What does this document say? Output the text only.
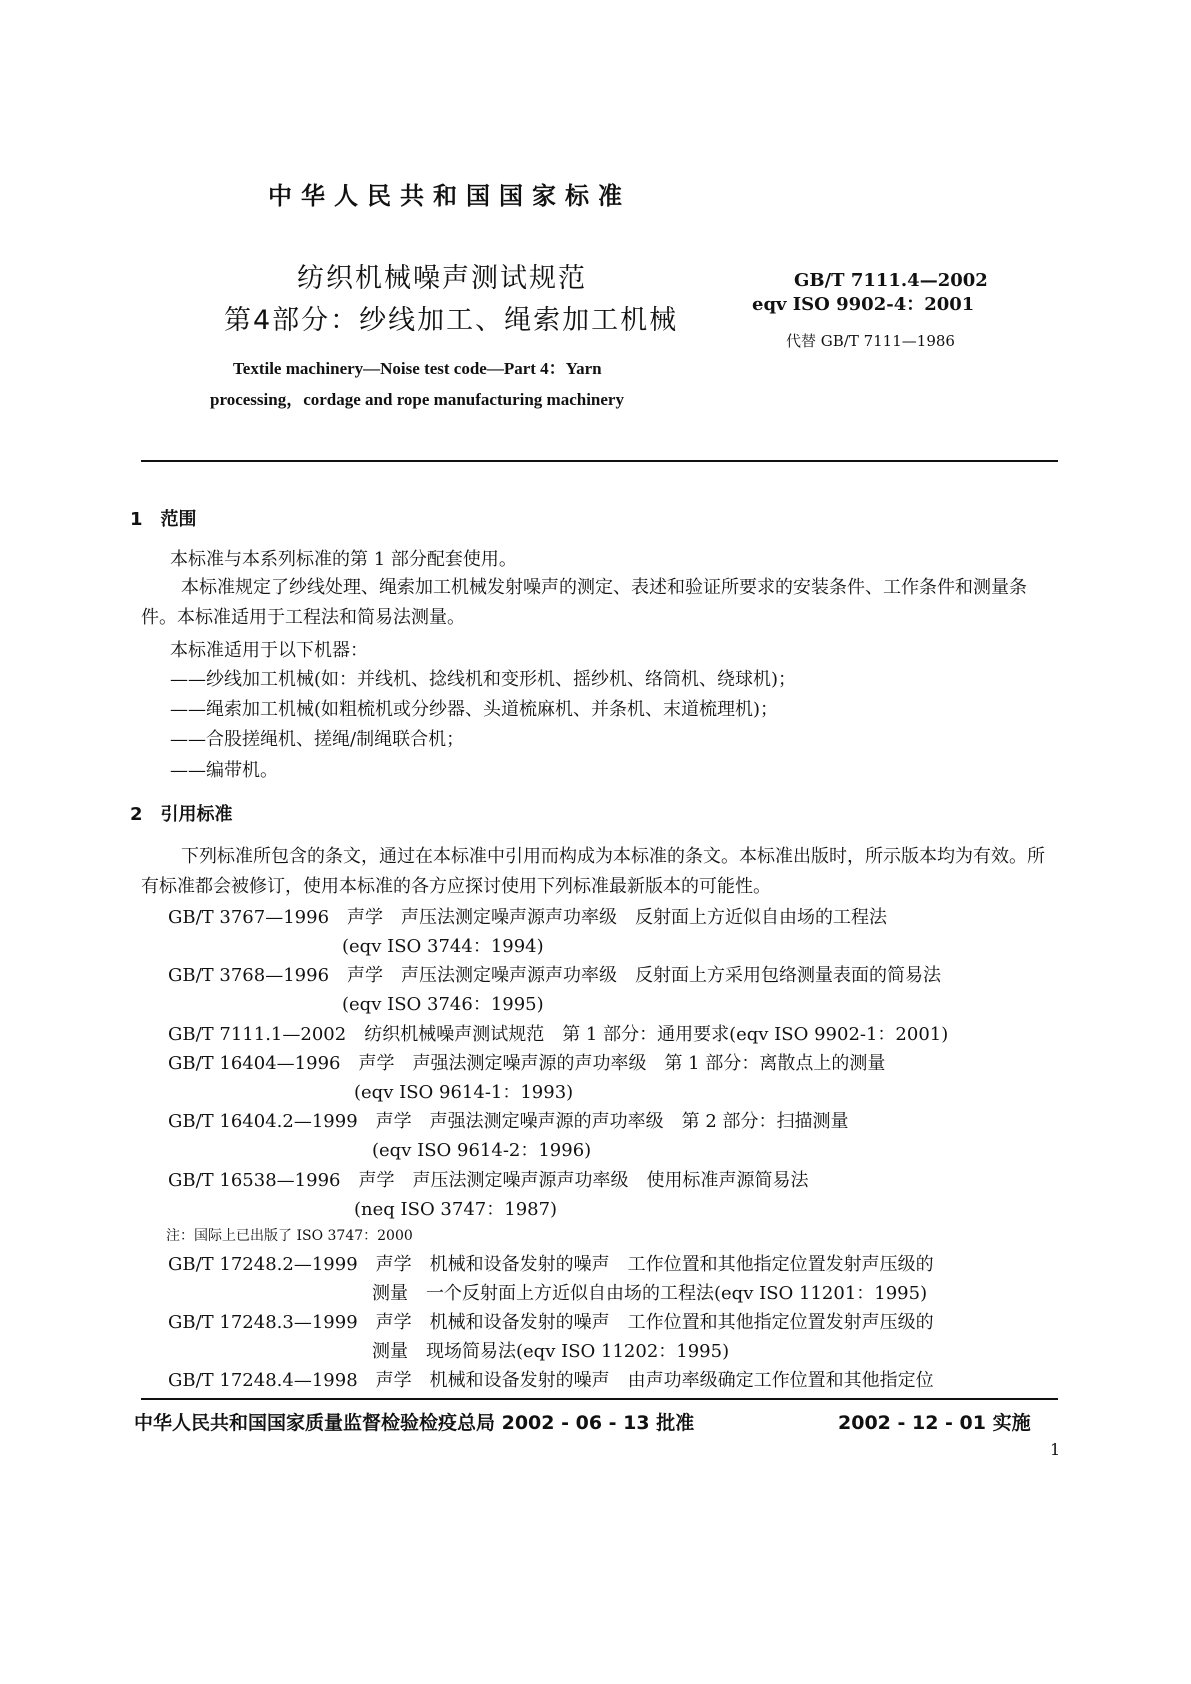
中华人民共和国国家标准
纺织机械噪声测试规范
第4部分：纱线加工、绳索加工机械
Textile machinery—Noise test code—Part 4：Yarn
processing，cordage and rope manufacturing machinery
GB/T 7111.4—2002
eqv ISO 9902-4：2001
代替 GB/T 7111—1986
1　范围
本标准与本系列标准的第 1 部分配套使用。
本标准规定了纱线处理、绳索加工机械发射噪声的测定、表述和验证所要求的安装条件、工作条件和测量条件。本标准适用于工程法和简易法测量。
本标准适用于以下机器：
——纱线加工机械(如：并线机、捻线机和变形机、摇纱机、络筒机、绕球机)；
——绳索加工机械(如粗梳机或分纱器、头道梳麻机、并条机、末道梳理机)；
——合股搓绳机、搓绳/制绳联合机；
——编带机。
2　引用标准
下列标准所包含的条文，通过在本标准中引用而构成为本标准的条文。本标准出版时，所示版本均为有效。所有标准都会被修订，使用本标准的各方应探讨使用下列标准最新版本的可能性。
GB/T 3767—1996　声学　声压法测定噪声源声功率级　反射面上方近似自由场的工程法
(eqv ISO 3744：1994)
GB/T 3768—1996　声学　声压法测定噪声源声功率级　反射面上方采用包络测量表面的简易法
(eqv ISO 3746：1995)
GB/T 7111.1—2002　纺织机械噪声测试规范　第 1 部分：通用要求(eqv ISO 9902-1：2001)
GB/T 16404—1996　声学　声强法测定噪声源的声功率级　第 1 部分：离散点上的测量
(eqv ISO 9614-1：1993)
GB/T 16404.2—1999　声学　声强法测定噪声源的声功率级　第 2 部分：扫描测量
(eqv ISO 9614-2：1996)
GB/T 16538—1996　声学　声压法测定噪声源声功率级　使用标准声源简易法
(neq ISO 3747：1987)
注：国际上已出版了 ISO 3747：2000
GB/T 17248.2—1999　声学　机械和设备发射的噪声　工作位置和其他指定位置发射声压级的
测量　一个反射面上方近似自由场的工程法(eqv ISO 11201：1995)
GB/T 17248.3—1999　声学　机械和设备发射的噪声　工作位置和其他指定位置发射声压级的
测量　现场简易法(eqv ISO 11202：1995)
GB/T 17248.4—1998　声学　机械和设备发射的噪声　由声功率级确定工作位置和其他指定位
中华人民共和国国家质量监督检验检疫总局 2002 - 06 - 13 批准	2002 - 12 - 01 实施
1
